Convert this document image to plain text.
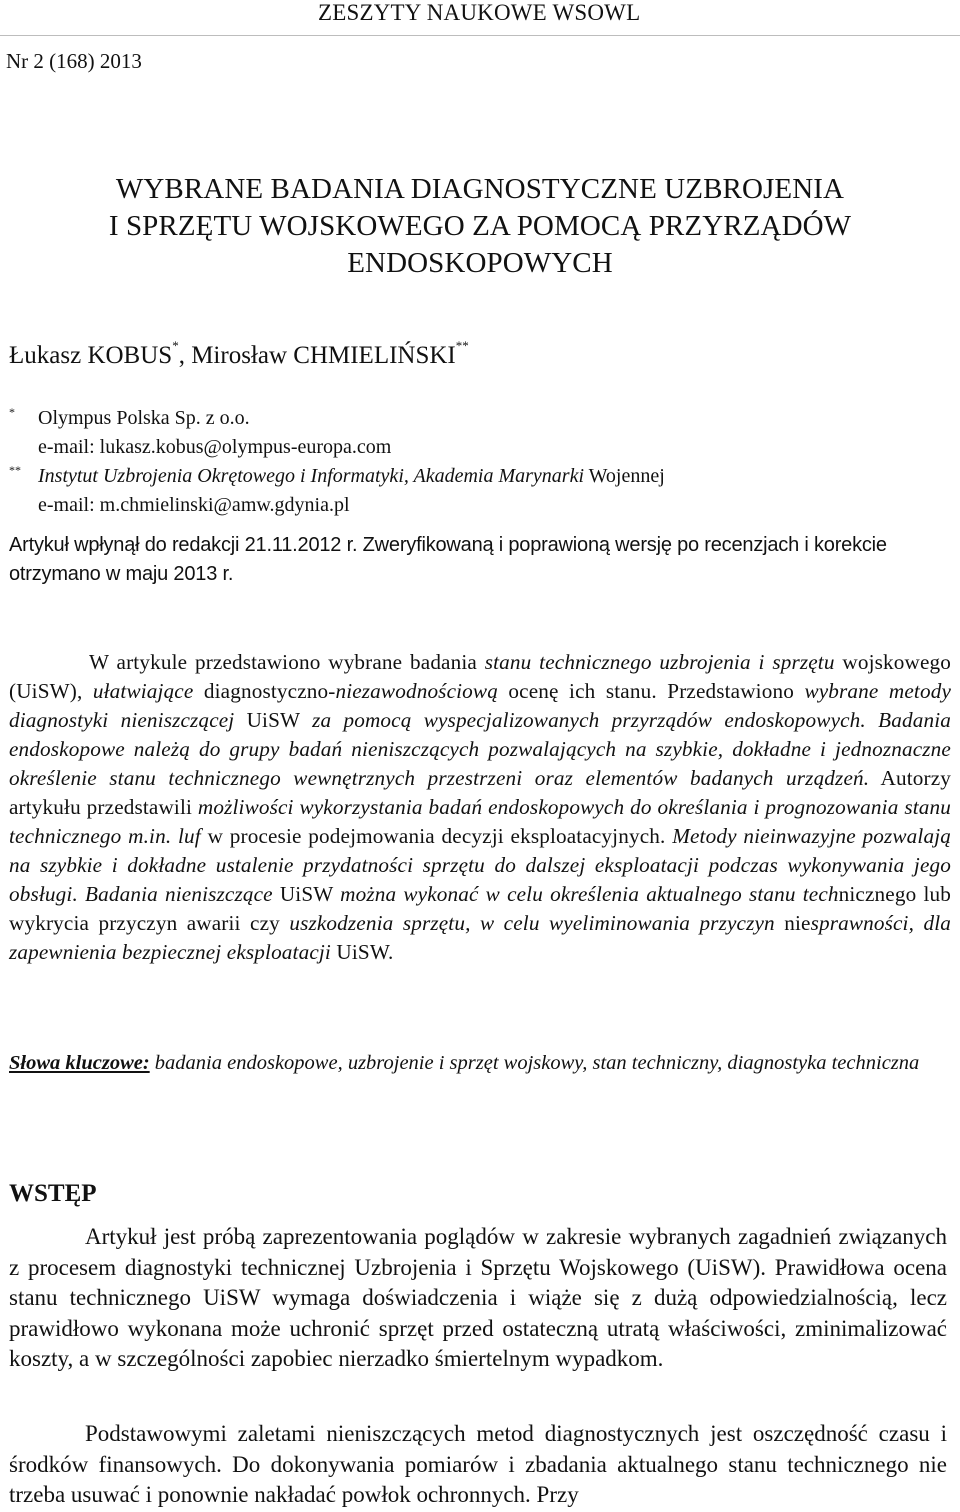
ZESZYTY NAUKOWE WSOWL
Nr 2 (168) 2013
WYBRANE BADANIA DIAGNOSTYCZNE UZBROJENIA
I SPRZĘTU WOJSKOWEGO ZA POMOCĄ PRZYRZĄDÓW
ENDOSKOPOWYCH
Łukasz KOBUS*, Mirosław CHMIELIŃSKI**
* Olympus Polska Sp. z o.o.
e-mail: lukasz.kobus@olympus-europa.com
** Instytut Uzbrojenia Okrętowego i Informatyki, Akademia Marynarki Wojennej
e-mail: m.chmielinski@amw.gdynia.pl
Artykuł wpłynął do redakcji 21.11.2012 r. Zweryfikowaną i poprawioną wersję po recenzjach i korekcie
otrzymano w maju 2013 r.
W artykule przedstawiono wybrane badania stanu technicznego uzbrojenia i sprzętu wojskowego (UiSW), ułatwiające diagnostyczno-niezawodnościową ocenę ich stanu. Przedstawiono wybrane metody diagnostyki nieniszczącej UiSW za pomocą wyspecjalizowanych przyrządów endoskopowych. Badania endoskopowe należą do grupy badań nieniszczących pozwalających na szybkie, dokładne i jednoznaczne określenie stanu technicznego wewnętrznych przestrzeni oraz elementów badanych urządzeń. Autorzy artykułu przedstawili możliwości wykorzystania badań endoskopowych do określania i prognozowania stanu technicznego m.in. luf w procesie podejmowania decyzji eksploatacyjnych. Metody nieinwazyjne pozwalają na szybkie i dokładne ustalenie przydatności sprzętu do dalszej eksploatacji podczas wykonywania jego obsługi. Badania nieniszczące UiSW można wykonać w celu określenia aktualnego stanu technicznego lub wykrycia przyczyn awarii czy uszkodzenia sprzętu, w celu wyeliminowania przyczyn niesprawności, dla zapewnienia bezpiecznej eksploatacji UiSW.
Słowa kluczowe: badania endoskopowe, uzbrojenie i sprzęt wojskowy, stan techniczny, diagnostyka techniczna
WSTĘP
Artykuł jest próbą zaprezentowania poglądów w zakresie wybranych zagadnień związanych z procesem diagnostyki technicznej Uzbrojenia i Sprzętu Wojskowego (UiSW). Prawidłowa ocena stanu technicznego UiSW wymaga doświadczenia i wiąże się z dużą odpowiedzialnością, lecz prawidłowo wykonana może uchronić sprzęt przed ostateczną utratą właściwości, zminimalizować koszty, a w szczególności zapobiec nierzadko śmiertelnym wypadkom.
Podstawowymi zaletami nieniszczących metod diagnostycznych jest oszczędność czasu i środków finansowych. Do dokonywania pomiarów i zbadania aktualnego stanu technicznego nie trzeba usuwać i ponownie nakładać powłok ochronnych. Przy
